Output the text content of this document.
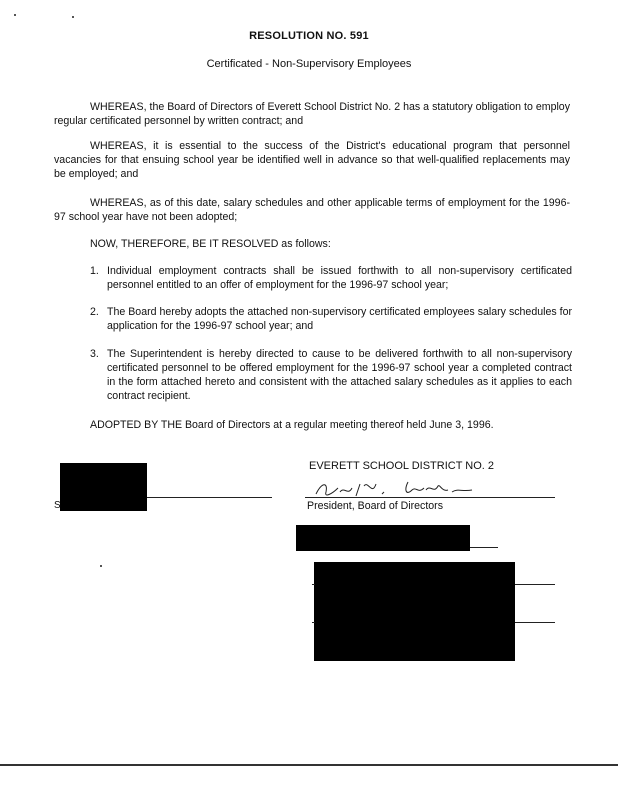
RESOLUTION NO. 591
Certificated - Non-Supervisory Employees

WHEREAS, the Board of Directors of Everett School District No. 2 has a statutory obligation to employ regular certificated personnel by written contract; and

WHEREAS, it is essential to the success of the District's educational program that personnel vacancies for that ensuing school year be identified well in advance so that well-qualified replacements may be employed; and

WHEREAS, as of this date, salary schedules and other applicable terms of employment for the 1996-97 school year have not been adopted;

NOW, THEREFORE, BE IT RESOLVED as follows:

1. Individual employment contracts shall be issued forthwith to all non-supervisory certificated personnel entitled to an offer of employment for the 1996-97 school year;
2. The Board hereby adopts the attached non-supervisory certificated employees salary schedules for application for the 1996-97 school year; and
3. The Superintendent is hereby directed to cause to be delivered forthwith to all non-supervisory certificated personnel to be offered employment for the 1996-97 school year a completed contract in the form attached hereto and consistent with the attached salary schedules as it applies to each contract recipient.
ADOPTED BY THE Board of Directors at a regular meeting thereof held June 3, 1996.
S
EVERETT SCHOOL DISTRICT NO. 2
President, Board of Directors
